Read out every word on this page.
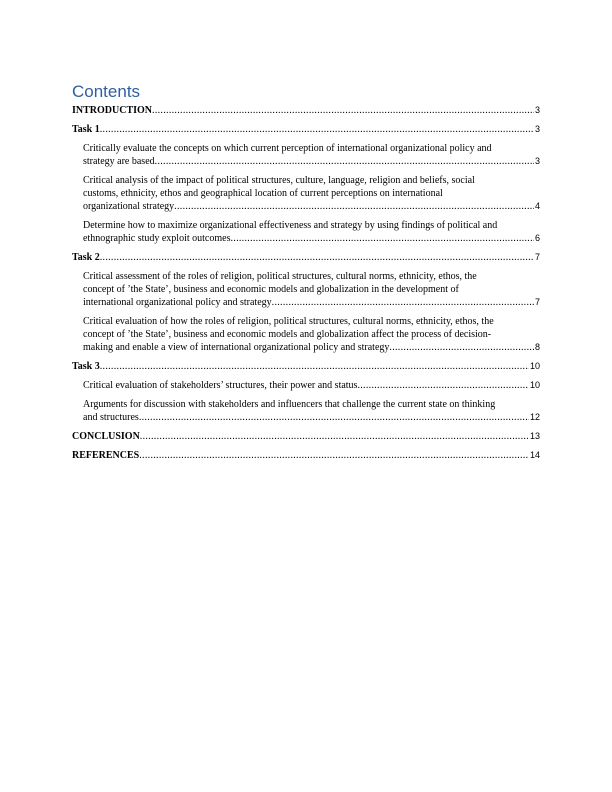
Contents
INTRODUCTION .....	3
Task 1 .....	3
Critically evaluate the concepts on which current perception of international organizational policy and
strategy are based .....	3
Critical analysis of the impact of political structures, culture, language, religion and beliefs, social
customs, ethnicity, ethos and geographical location of current perceptions on international
organizational strategy .....	4
Determine how to maximize organizational effectiveness and strategy by using findings of political and
ethnographic study exploit outcomes .....	6
Task 2 .....	7
Critical assessment of the roles of religion, political structures, cultural norms, ethnicity, ethos, the
concept of ’the State’, business and economic models and globalization in the development of
international organizational policy and strategy .....	7
Critical evaluation of how the roles of religion, political structures, cultural norms, ethnicity, ethos, the
concept of ’the State’, business and economic models and globalization affect the process of decision-
making and enable a view of international organizational policy and strategy .....	8
Task 3 .....	10
Critical evaluation of stakeholders’ structures, their power and status .....	10
Arguments for discussion with stakeholders and influencers that challenge the current state on thinking
and structures .....	12
CONCLUSION .....	13
REFERENCES .....	14
